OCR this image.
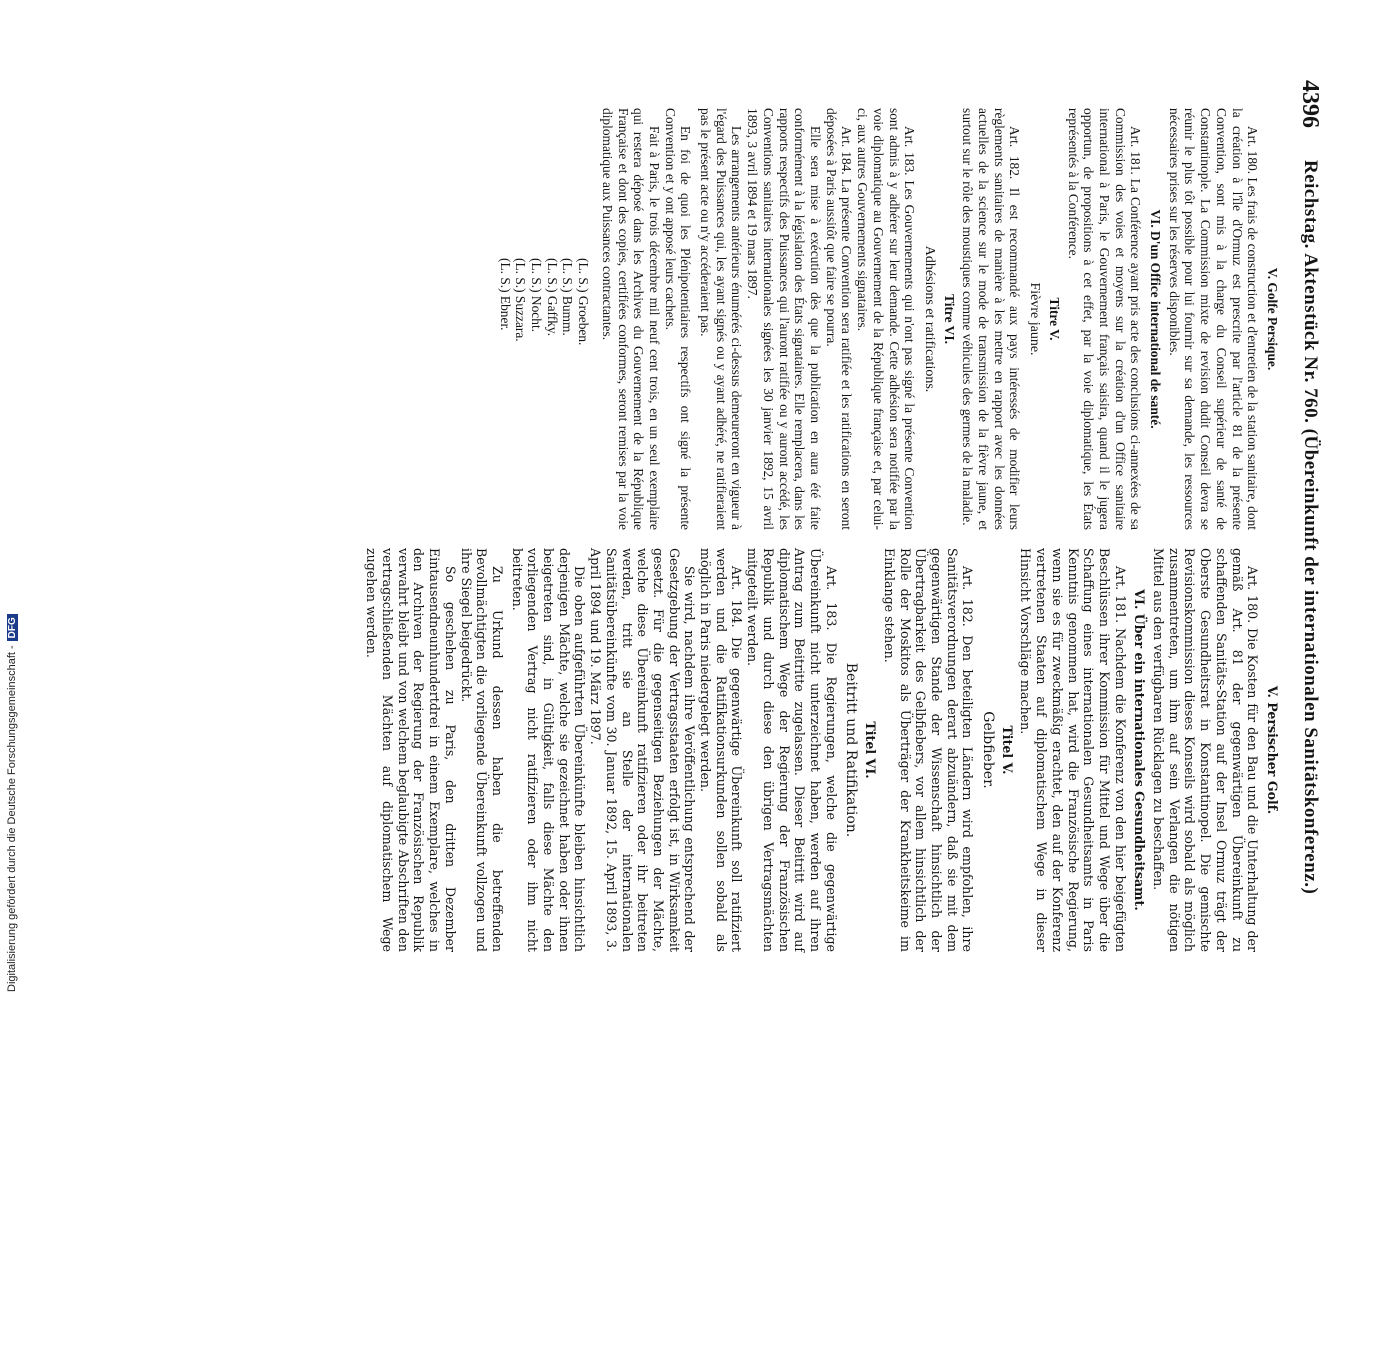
4396
Reichstag. Aktenstück Nr. 760. (Übereinkunft der internationalen Sanitätskonferenz.)

V. Golfe Persique.

Art. 180. Les frais de construction et d'entretien de la station sanitaire, dont la création à l'île d'Ormuz est prescrite par l'article 81 de la présente Convention, sont mis à la charge du Conseil supérieur de santé de Constantinople. La Commission mixte de revision dudit Conseil devra se réunir le plus tôt possible pour lui fournir sur sa demande, les ressources nécessaires prises sur les réserves disponibles.

VI. D'un Office international de santé.

Art. 181. La Conférence ayant pris acte des conclusions ci-annexées de sa Commission des voies et moyens sur la création d'un Office sanitaire international à Paris, le Gouvernement français saisira, quand il le jugera opportun, de propositions à cet effet, par la voie diplomatique, les États représentés à la Conférence.

Titre V.

Fièvre jaune.

Art. 182. Il est recommandé aux pays intéressés de modifier leurs règlements sanitaires de manière à les mettre en rapport avec les données actuelles de la science sur le mode de transmission de la fièvre jaune, et surtout sur le rôle des moustiques comme véhicules des germes de la maladie.

Titre VI.

Adhésions et ratifications.

Art. 183. Les Gouvernements qui n'ont pas signé la présente Convention sont admis à y adhérer sur leur demande. Cette adhésion sera notifiée par la voie diplomatique au Gouvernement de la République française et, par celui-ci, aux autres Gouvernements signataires.

Art. 184. La présente Convention sera ratifiée et les ratifications en seront déposées à Paris aussitôt que faire se pourra.

Elle sera mise à exécution dès que la publication en aura été faite conformément à la législation des États signataires. Elle remplacera, dans les rapports respectifs des Puissances qui l'auront ratifiée ou y auront accédé, les Conventions sanitaires internationales signées les 30 janvier 1892, 15 avril 1893, 3 avril 1894 et 19 mars 1897.

Les arrangements antérieurs énumérés ci-dessus demeureront en vigueur à l'égard des Puissances qui, les ayant signés ou y ayant adhéré, ne ratifieraient pas le présent acte ou n'y accéderaient pas.

En foi de quoi les Plénipotentiaires respectifs ont signé la présente Convention et y ont apposé leurs cachets.

Fait à Paris, le trois décembre mil neuf cent trois, en un seul exemplaire qui restera déposé dans les Archives du Gouvernement de la République Française et dont des copies, certifiées conformes, seront remises par la voie diplomatique aux Puissances contractantes.

(L. S.) Groeben.
(L. S.) Bumm.
(L. S.) Gaffky.
(L. S.) Nocht.
(L. S.) Suzzara.
(L. S.) Ebner.

V. Persischer Golf.

Art. 180. Die Kosten für den Bau und die Unterhaltung der gemäß Art. 81 der gegenwärtigen Übereinkunft zu schaffenden Sanitäts-Station auf der Insel Ormuz trägt der Oberste Gesundheitsrat in Konstantinopel. Die gemischte Revisionskommission dieses Konseils wird sobald als möglich zusammentreten, um ihm auf sein Verlangen die nötigen Mittel aus den verfügbaren Rücklagen zu beschaffen.

VI. Über ein internationales Gesundheitsamt.

Art. 181. Nachdem die Konferenz von den hier beigefügten Beschlüssen ihrer Kommission für Mittel und Wege über die Schaffung eines internationalen Gesundheitsamts in Paris Kenntnis genommen hat, wird die Französische Regierung, wenn sie es für zweckmäßig erachtet, den auf der Konferenz vertretenen Staaten auf diplomatischem Wege in dieser Hinsicht Vorschläge machen.

Titel V.

Gelbfieber.

Art. 182. Den beteiligten Ländern wird empfohlen, ihre Sanitätsverordnungen derart abzuändern, daß sie mit dem gegenwärtigen Stande der Wissenschaft hinsichtlich der Übertragbarkeit des Gelbfiebers, vor allem hinsichtlich der Rolle der Moskitos als Überträger der Krankheitskeime im Einklange stehen.

Titel VI.

Beitritt und Ratifikation.

Art. 183. Die Regierungen, welche die gegenwärtige Übereinkunft nicht unterzeichnet haben, werden auf ihren Antrag zum Beitritte zugelassen. Dieser Beitritt wird auf diplomatischem Wege der Regierung der Französischen Republik und durch diese den übrigen Vertragsmächten mitgeteilt werden.

Art. 184. Die gegenwärtige Übereinkunft soll ratifiziert werden und die Ratifikationsurkunden sollen sobald als möglich in Paris niedergelegt werden.

Sie wird, nachdem ihre Veröffentlichung entsprechend der Gesetzgebung der Vertragsstaaten erfolgt ist, in Wirksamkeit gesetzt. Für die gegenseitigen Beziehungen der Mächte, welche diese Übereinkunft ratifizieren oder ihr beitreten werden, tritt sie an Stelle der internationalen Sanitätsübereinkünfte vom 30. Januar 1892, 15. April 1893, 3. April 1894 und 19. März 1897.

Die oben aufgeführten Übereinkünfte bleiben hinsichtlich derjenigen Mächte, welche sie gezeichnet haben oder ihnen beigetreten sind, in Gültigkeit, falls diese Mächte den vorliegenden Vertrag nicht ratifizieren oder ihm nicht beitreten.

Zu Urkund dessen haben die betreffenden Bevollmächtigten die vorliegende Übereinkunft vollzogen und ihre Siegel beigedrückt.

So geschehen zu Paris, den dritten Dezember Eintausendneunhundertdrei in einem Exemplare, welches in den Archiven der Regierung der Französischen Republik verwahrt bleibt und von welchem beglaubigte Abschriften den vertragschließenden Mächten auf diplomatischem Wege zugehen werden.

Digitalisierung gefördert durch die Deutsche Forschungsgemeinschaft -DFG
